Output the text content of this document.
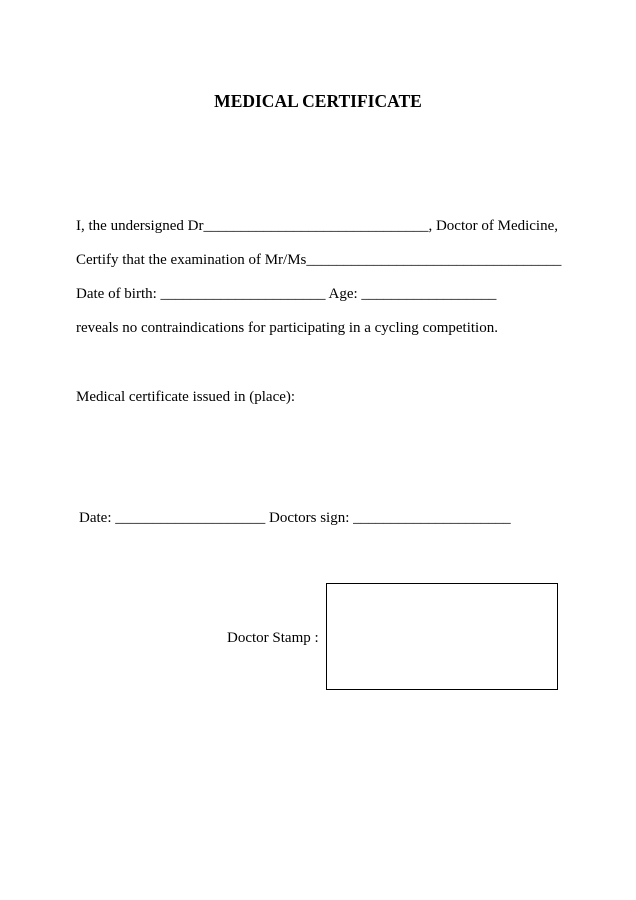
MEDICAL CERTIFICATE

I, the undersigned Dr______________________________, Doctor of Medicine,

Certify that the examination of Mr/Ms__________________________________

Date of birth: ______________________ Age: __________________

reveals no contraindications for participating in a cycling competition.

Medical certificate issued in (place):

Date: ____________________ Doctors sign: _____________________

Doctor Stamp :
